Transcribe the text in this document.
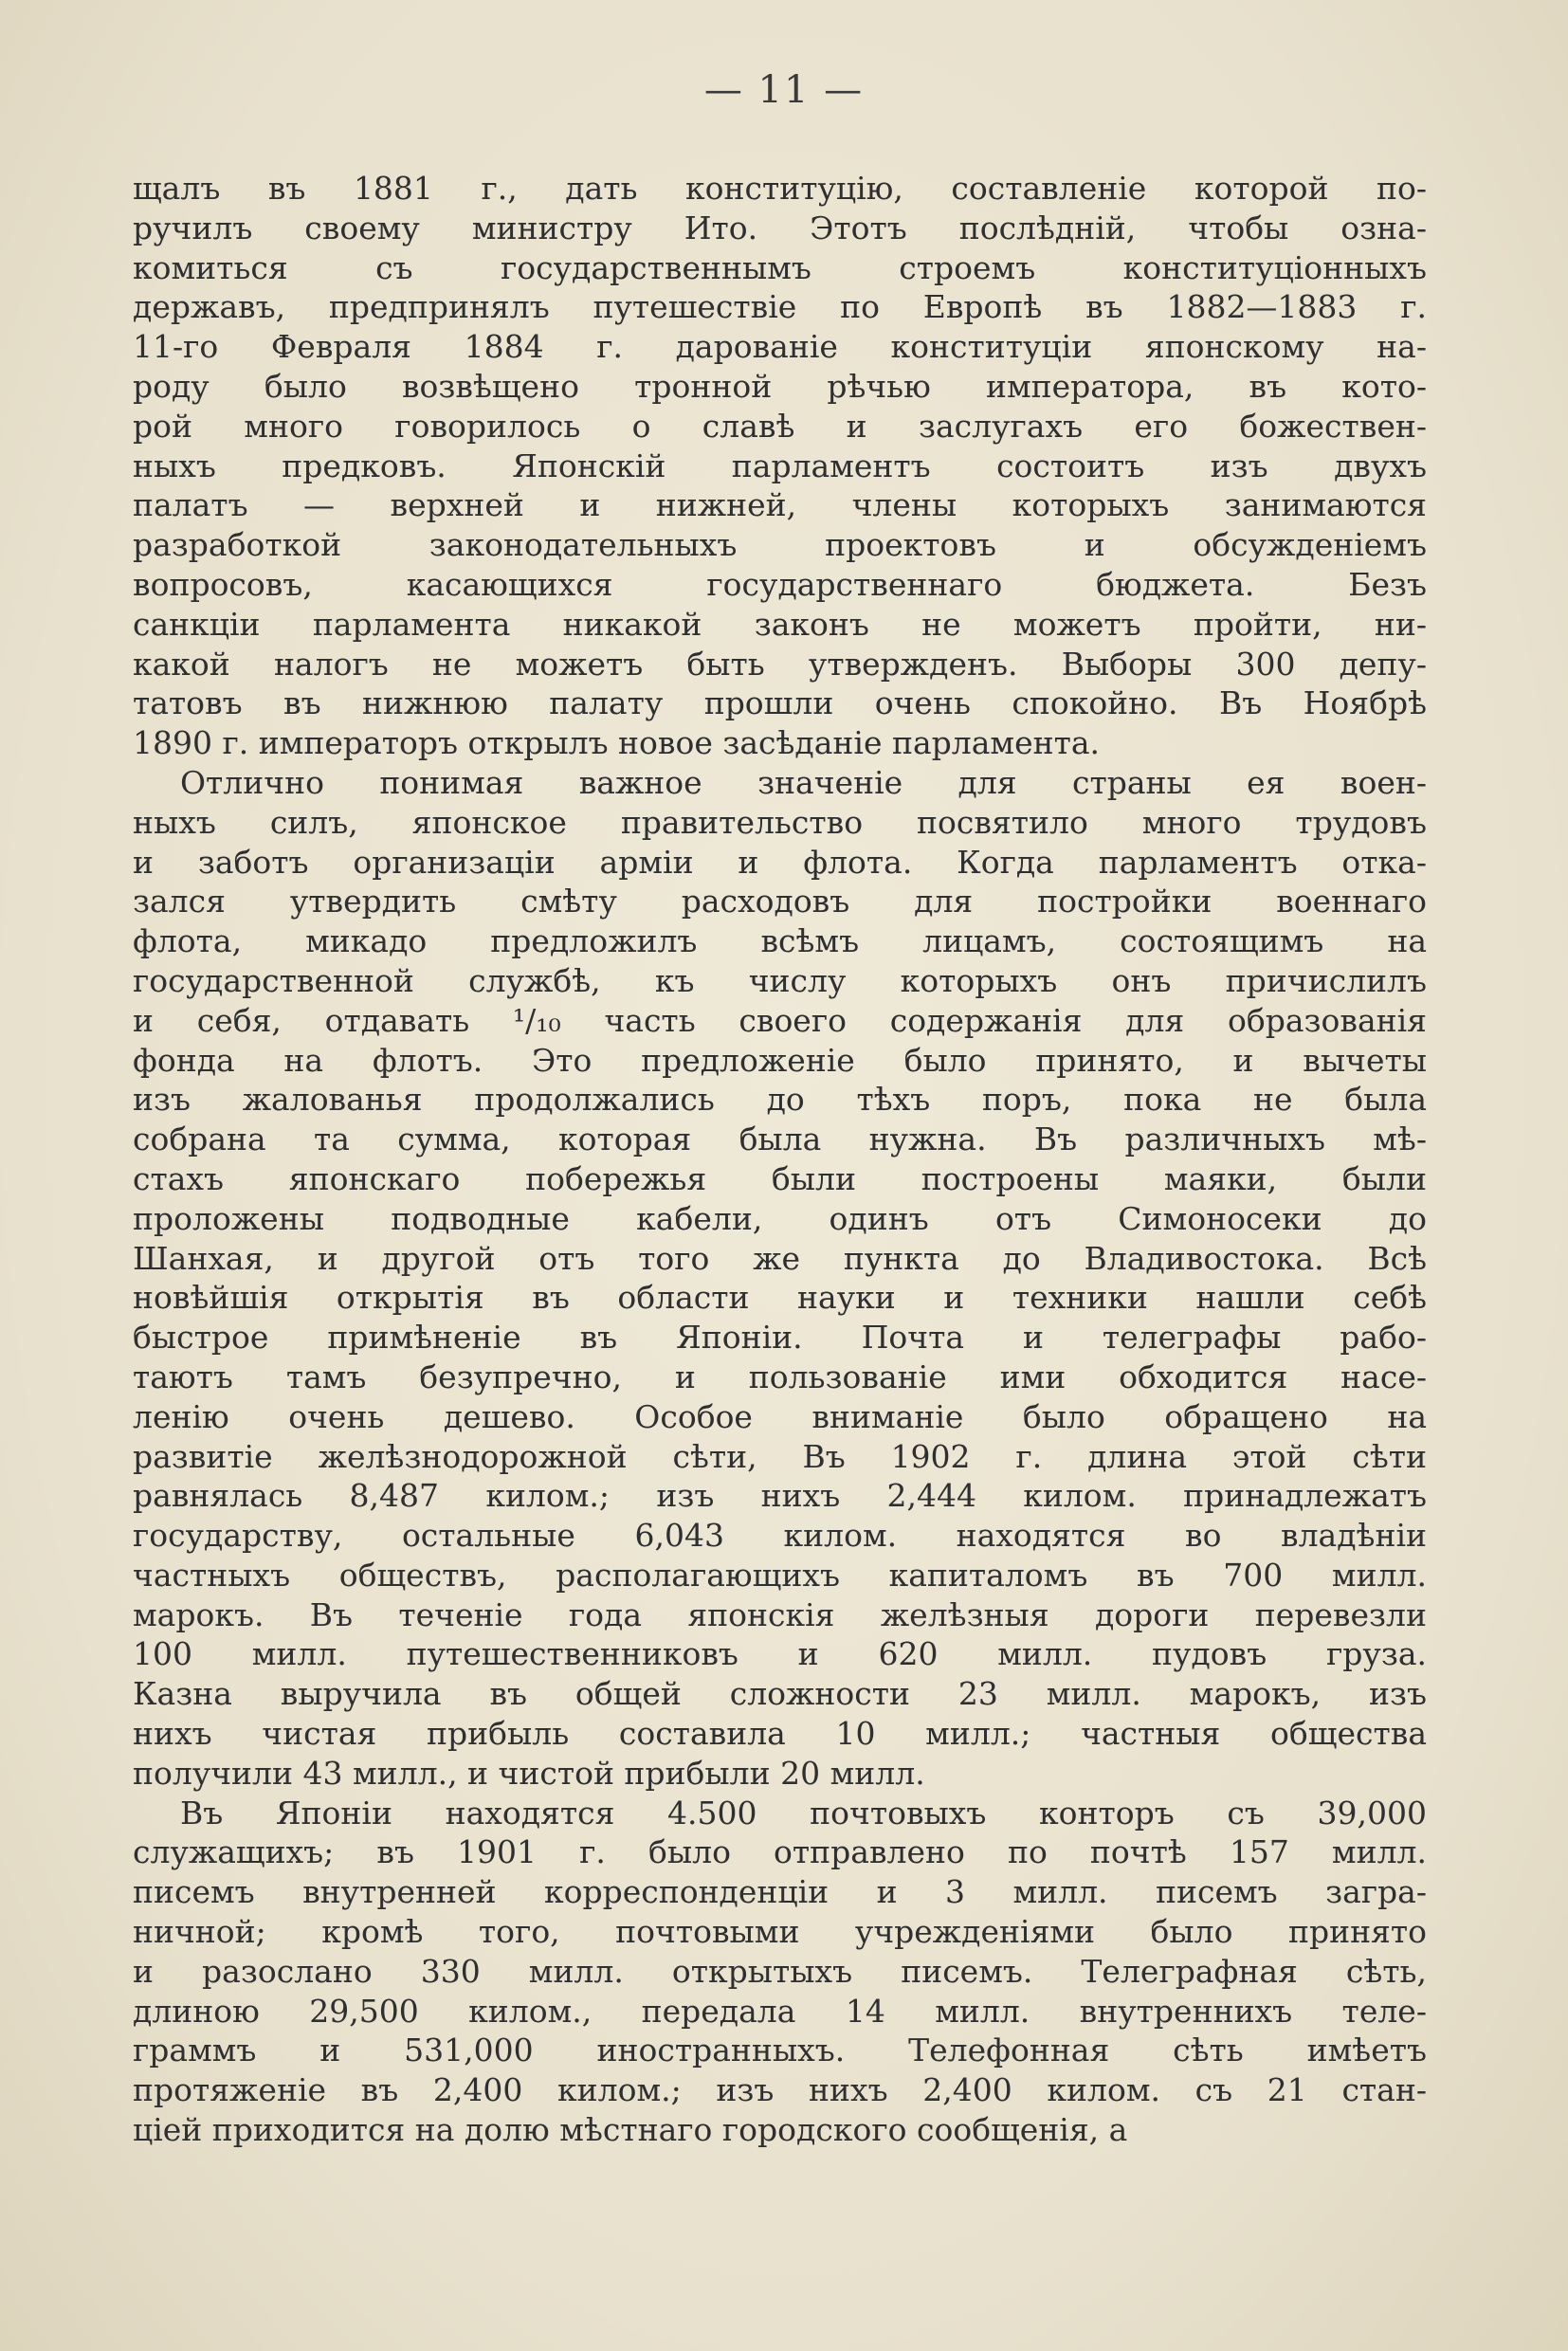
— 11 —
щалъ въ 1881 г., дать конституцію, составленіе которой по-
ручилъ своему министру Ито. Этотъ послѣдній, чтобы озна-
комиться съ государственнымъ строемъ конституціонныхъ
державъ, предпринялъ путешествіе по Европѣ въ 1882—1883 г.
11-го Февраля 1884 г. дарованіе конституціи японскому на-
роду было возвѣщено тронной рѣчью императора, въ кото-
рой много говорилось о славѣ и заслугахъ его божествен-
ныхъ предковъ. Японскій парламентъ состоитъ изъ двухъ
палатъ — верхней и нижней, члены которыхъ занимаются
разработкой законодательныхъ проектовъ и обсужденіемъ
вопросовъ, касающихся государственнаго бюджета. Безъ
санкціи парламента никакой законъ не можетъ пройти, ни-
какой налогъ не можетъ быть утвержденъ. Выборы 300 депу-
татовъ въ нижнюю палату прошли очень спокойно. Въ Ноябрѣ
1890 г. императоръ открылъ новое засѣданіе парламента.
Отлично понимая важное значеніе для страны ея воен-
ныхъ силъ, японское правительство посвятило много трудовъ
и заботъ организаціи арміи и флота. Когда парламентъ отка-
зался утвердить смѣту расходовъ для постройки военнаго
флота, микадо предложилъ всѣмъ лицамъ, состоящимъ на
государственной службѣ, къ числу которыхъ онъ причислилъ
и себя, отдавать ¹/₁₀ часть своего содержанія для образованія
фонда на флотъ. Это предложеніе было принято, и вычеты
изъ жалованья продолжались до тѣхъ поръ, пока не была
собрана та сумма, которая была нужна. Въ различныхъ мѣ-
стахъ японскаго побережья были построены маяки, были
проложены подводные кабели, одинъ отъ Симоносеки до
Шанхая, и другой отъ того же пункта до Владивостока. Всѣ
новѣйшія открытія въ области науки и техники нашли себѣ
быстрое примѣненіе въ Японіи. Почта и телеграфы рабо-
таютъ тамъ безупречно, и пользованіе ими обходится насе-
ленію очень дешево. Особое вниманіе было обращено на
развитіе желѣзнодорожной сѣти, Въ 1902 г. длина этой сѣти
равнялась 8,487 килом.; изъ нихъ 2,444 килом. принадлежатъ
государству, остальные 6,043 килом. находятся во владѣніи
частныхъ обществъ, располагающихъ капиталомъ въ 700 милл.
марокъ. Въ теченіе года японскія желѣзныя дороги перевезли
100 милл. путешественниковъ и 620 милл. пудовъ груза.
Казна выручила въ общей сложности 23 милл. марокъ, изъ
нихъ чистая прибыль составила 10 милл.; частныя общества
получили 43 милл., и чистой прибыли 20 милл.
Въ Японіи находятся 4.500 почтовыхъ конторъ съ 39,000
служащихъ; въ 1901 г. было отправлено по почтѣ 157 милл.
писемъ внутренней корреспонденціи и 3 милл. писемъ загра-
ничной; кромѣ того, почтовыми учрежденіями было принято
и разослано 330 милл. открытыхъ писемъ. Телеграфная сѣть,
длиною 29,500 килом., передала 14 милл. внутреннихъ теле-
граммъ и 531,000 иностранныхъ. Телефонная сѣть имѣетъ
протяженіе въ 2,400 килом.; изъ нихъ 2,400 килом. съ 21 стан-
ціей приходится на долю мѣстнаго городского сообщенія, а
